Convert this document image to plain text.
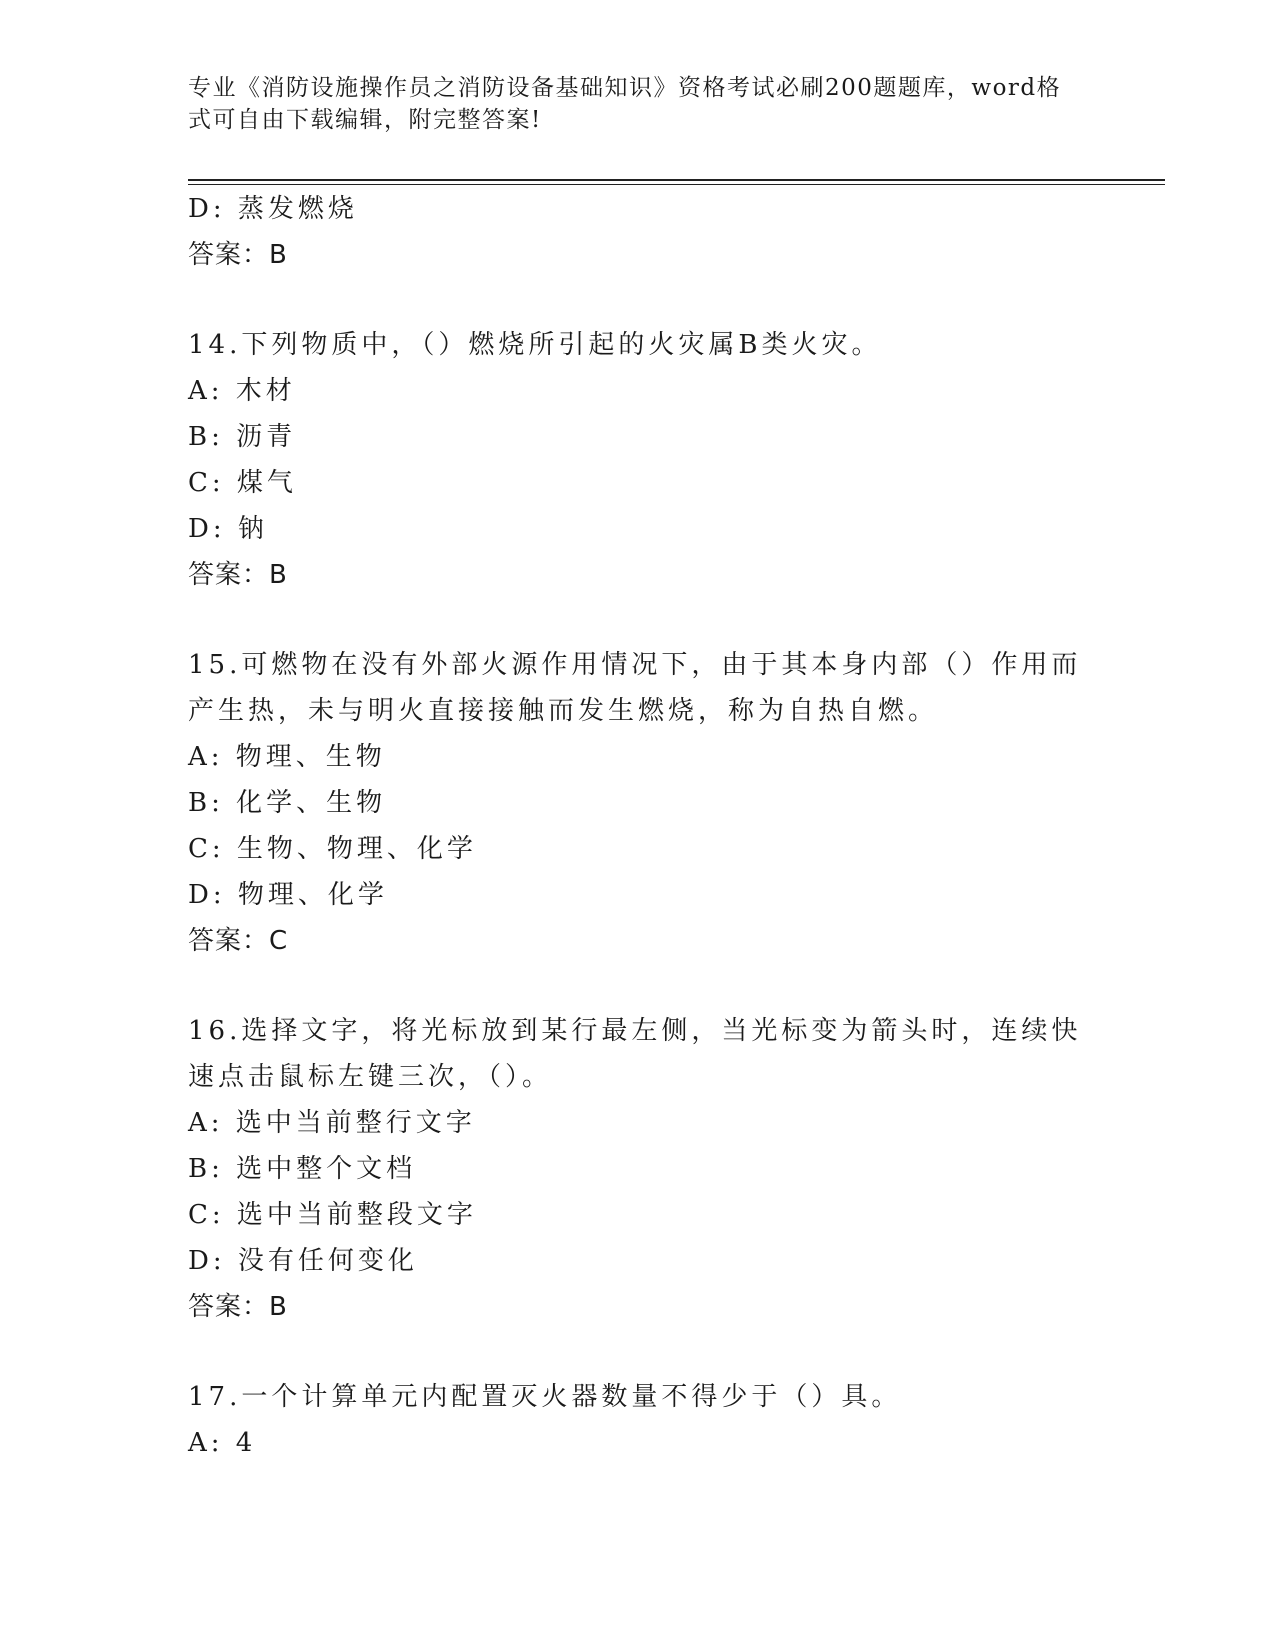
专业《消防设施操作员之消防设备基础知识》资格考试必刷200题题库，word格
式可自由下载编辑，附完整答案!
D: 蒸发燃烧
答案：B
14.下列物质中，（）燃烧所引起的火灾属B类火灾。
A: 木材
B: 沥青
C: 煤气
D: 钠
答案：B
15.可燃物在没有外部火源作用情况下，由于其本身内部（）作用而产生热，未与明火直接接触而发生燃烧，称为自热自燃。
A: 物理、生物
B: 化学、生物
C: 生物、物理、化学
D: 物理、化学
答案：C
16.选择文字，将光标放到某行最左侧，当光标变为箭头时，连续快速点击鼠标左键三次，（）。
A: 选中当前整行文字
B: 选中整个文档
C: 选中当前整段文字
D: 没有任何变化
答案：B
17.一个计算单元内配置灭火器数量不得少于（）具。
A: 4
